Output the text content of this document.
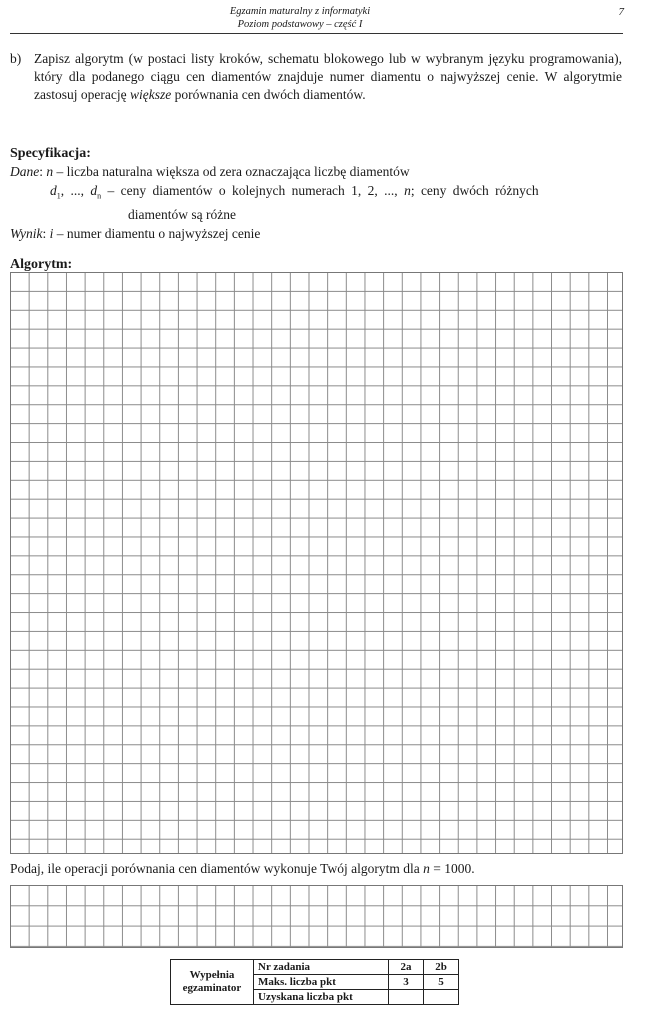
Egzamin maturalny z informatyki
Poziom podstawowy – część I
7
b) Zapisz algorytm (w postaci listy kroków, schematu blokowego lub w wybranym języku programowania), który dla podanego ciągu cen diamentów znajduje numer diamentu o najwyższej cenie. W algorytmie zastosuj operację większe porównania cen dwóch diamentów.
Specyfikacja:
Dane: n – liczba naturalna większa od zera oznaczająca liczbę diamentów
$d_1$, ..., $d_n$ – ceny diamentów o kolejnych numerach 1, 2, ..., n; ceny dwóch różnych
diamentów są różne
Wynik: i – numer diamentu o najwyższej cenie
Algorytm:
Podaj, ile operacji porównania cen diamentów wykonuje Twój algorytm dla n = 1000.
Wypełnia egzaminator	Nr zadania	2a	2b
	Maks. liczba pkt	3	5
	Uzyskana liczba pkt		
